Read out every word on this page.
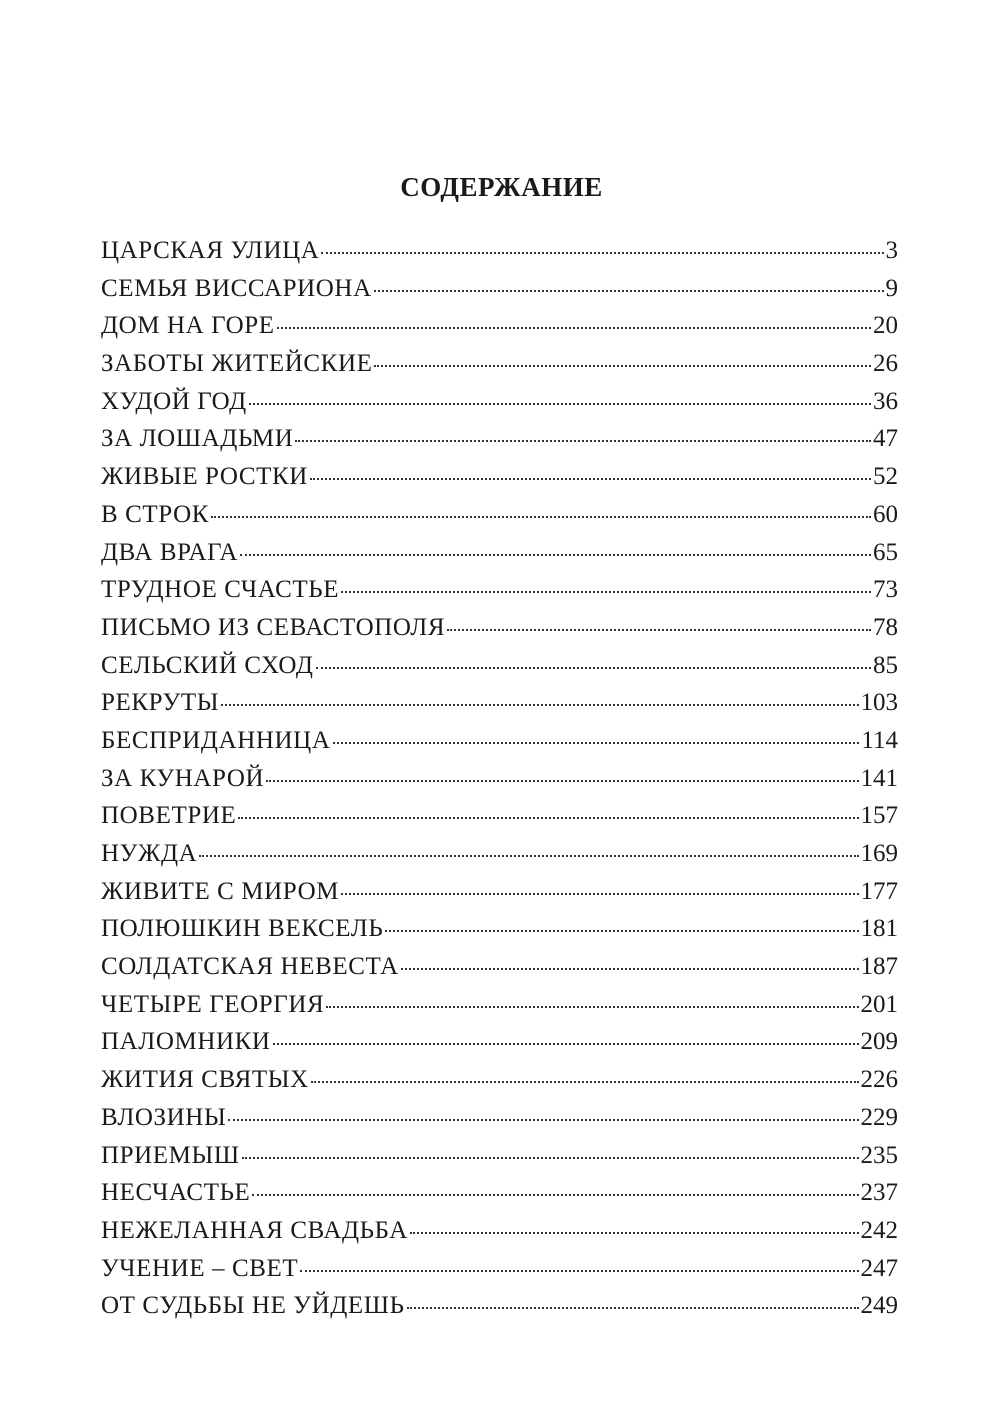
СОДЕРЖАНИЕ
ЦАРСКАЯ УЛИЦА	3
СЕМЬЯ ВИССАРИОНА	9
ДОМ НА ГОРЕ	20
ЗАБОТЫ ЖИТЕЙСКИЕ	26
ХУДОЙ ГОД	36
ЗА ЛОШАДЬМИ	47
ЖИВЫЕ РОСТКИ	52
В СТРОК	60
ДВА ВРАГА	65
ТРУДНОЕ СЧАСТЬЕ	73
ПИСЬМО ИЗ СЕВАСТОПОЛЯ	78
СЕЛЬСКИЙ СХОД	85
РЕКРУТЫ	103
БЕСПРИДАННИЦА	114
ЗА КУНАРОЙ	141
ПОВЕТРИЕ	157
НУЖДА	169
ЖИВИТЕ С МИРОМ	177
ПОЛЮШКИН ВЕКСЕЛЬ	181
СОЛДАТСКАЯ НЕВЕСТА	187
ЧЕТЫРЕ ГЕОРГИЯ	201
ПАЛОМНИКИ	209
ЖИТИЯ СВЯТЫХ	226
ВЛОЗИНЫ	229
ПРИЕМЫШ	235
НЕСЧАСТЬЕ	237
НЕЖЕЛАННАЯ СВАДЬБА	242
УЧЕНИЕ – СВЕТ	247
ОТ СУДЬБЫ НЕ УЙДЕШЬ	249
